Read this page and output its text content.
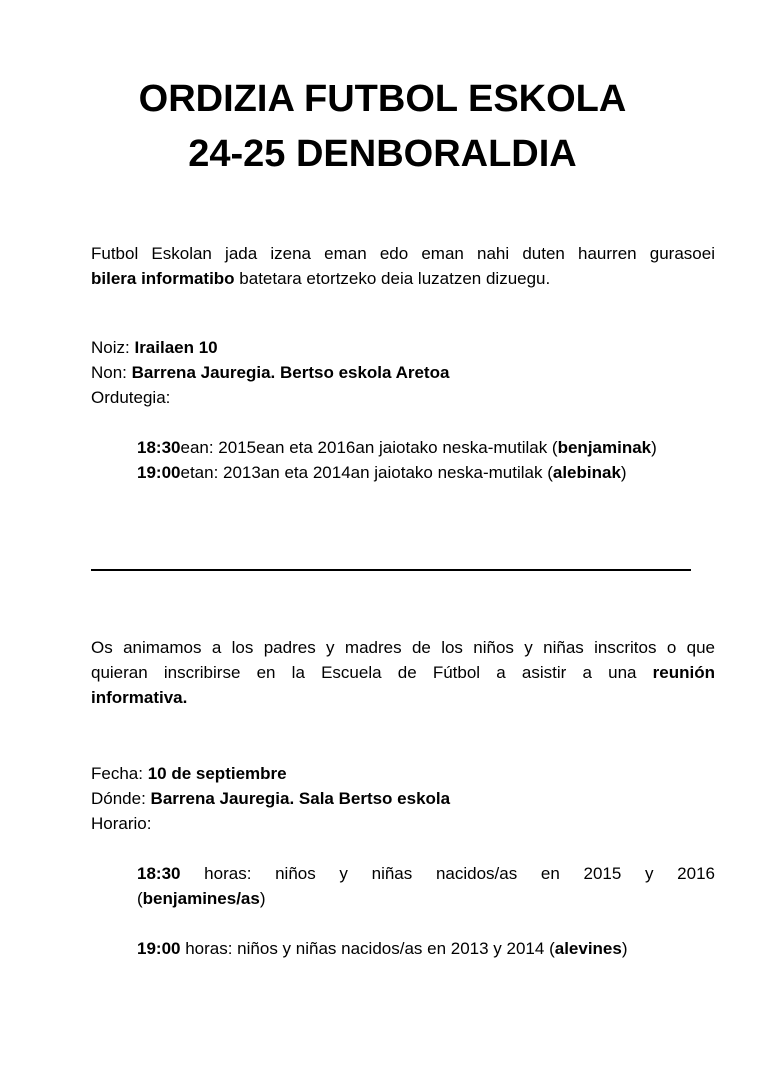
ORDIZIA FUTBOL ESKOLA
24-25 DENBORALDIA

Futbol Eskolan jada izena eman edo eman nahi duten haurren gurasoei

bilera informatibo batetara etortzeko deia luzatzen dizuegu.

Noiz: Irailaen 10

Non: Barrena Jauregia. Bertso eskola Aretoa

Ordutegia:

18:30ean: 2015ean eta 2016an jaiotako neska-mutilak (benjaminak)

19:00etan: 2013an eta 2014an jaiotako neska-mutilak (alebinak)

Os animamos a los padres y madres de los niños y niñas inscritos o que

quieran inscribirse en la Escuela de Fútbol a asistir a una reunión

informativa.

Fecha: 10 de septiembre

Dónde: Barrena Jauregia. Sala Bertso eskola

Horario:

18:30 horas: niños y niñas nacidos/as en 2015 y 2016

(benjamines/as)

19:00 horas: niños y niñas nacidos/as en 2013 y 2014 (alevines)
